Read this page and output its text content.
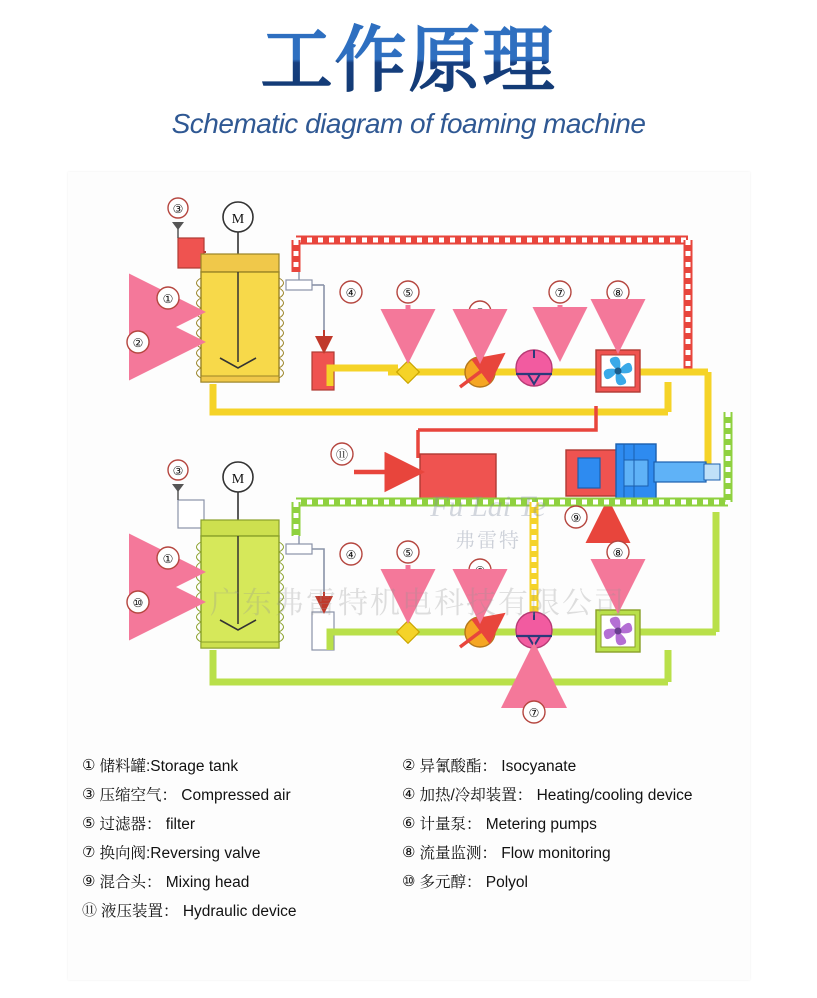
工作原理
Schematic diagram of foaming machine
M
M
③
①
②
④	⑤
⑥
⑦	⑧
⑪
⑨
③
①
⑩
④	⑤
⑥
⑧
⑦
Fu Lai Te
弗雷特
广东弗雷特机电科技有限公司
① 储料罐:Storage tank	② 异氰酸酯： Isocyanate
③ 压缩空气： Compressed air	④ 加热/冷却装置： Heating/cooling device
⑤ 过滤器： filter	⑥ 计量泵： Metering pumps
⑦ 换向阀:Reversing valve	⑧ 流量监测： Flow monitoring
⑨ 混合头： Mixing head	⑩ 多元醇： Polyol
⑪ 液压装置： Hydraulic device
